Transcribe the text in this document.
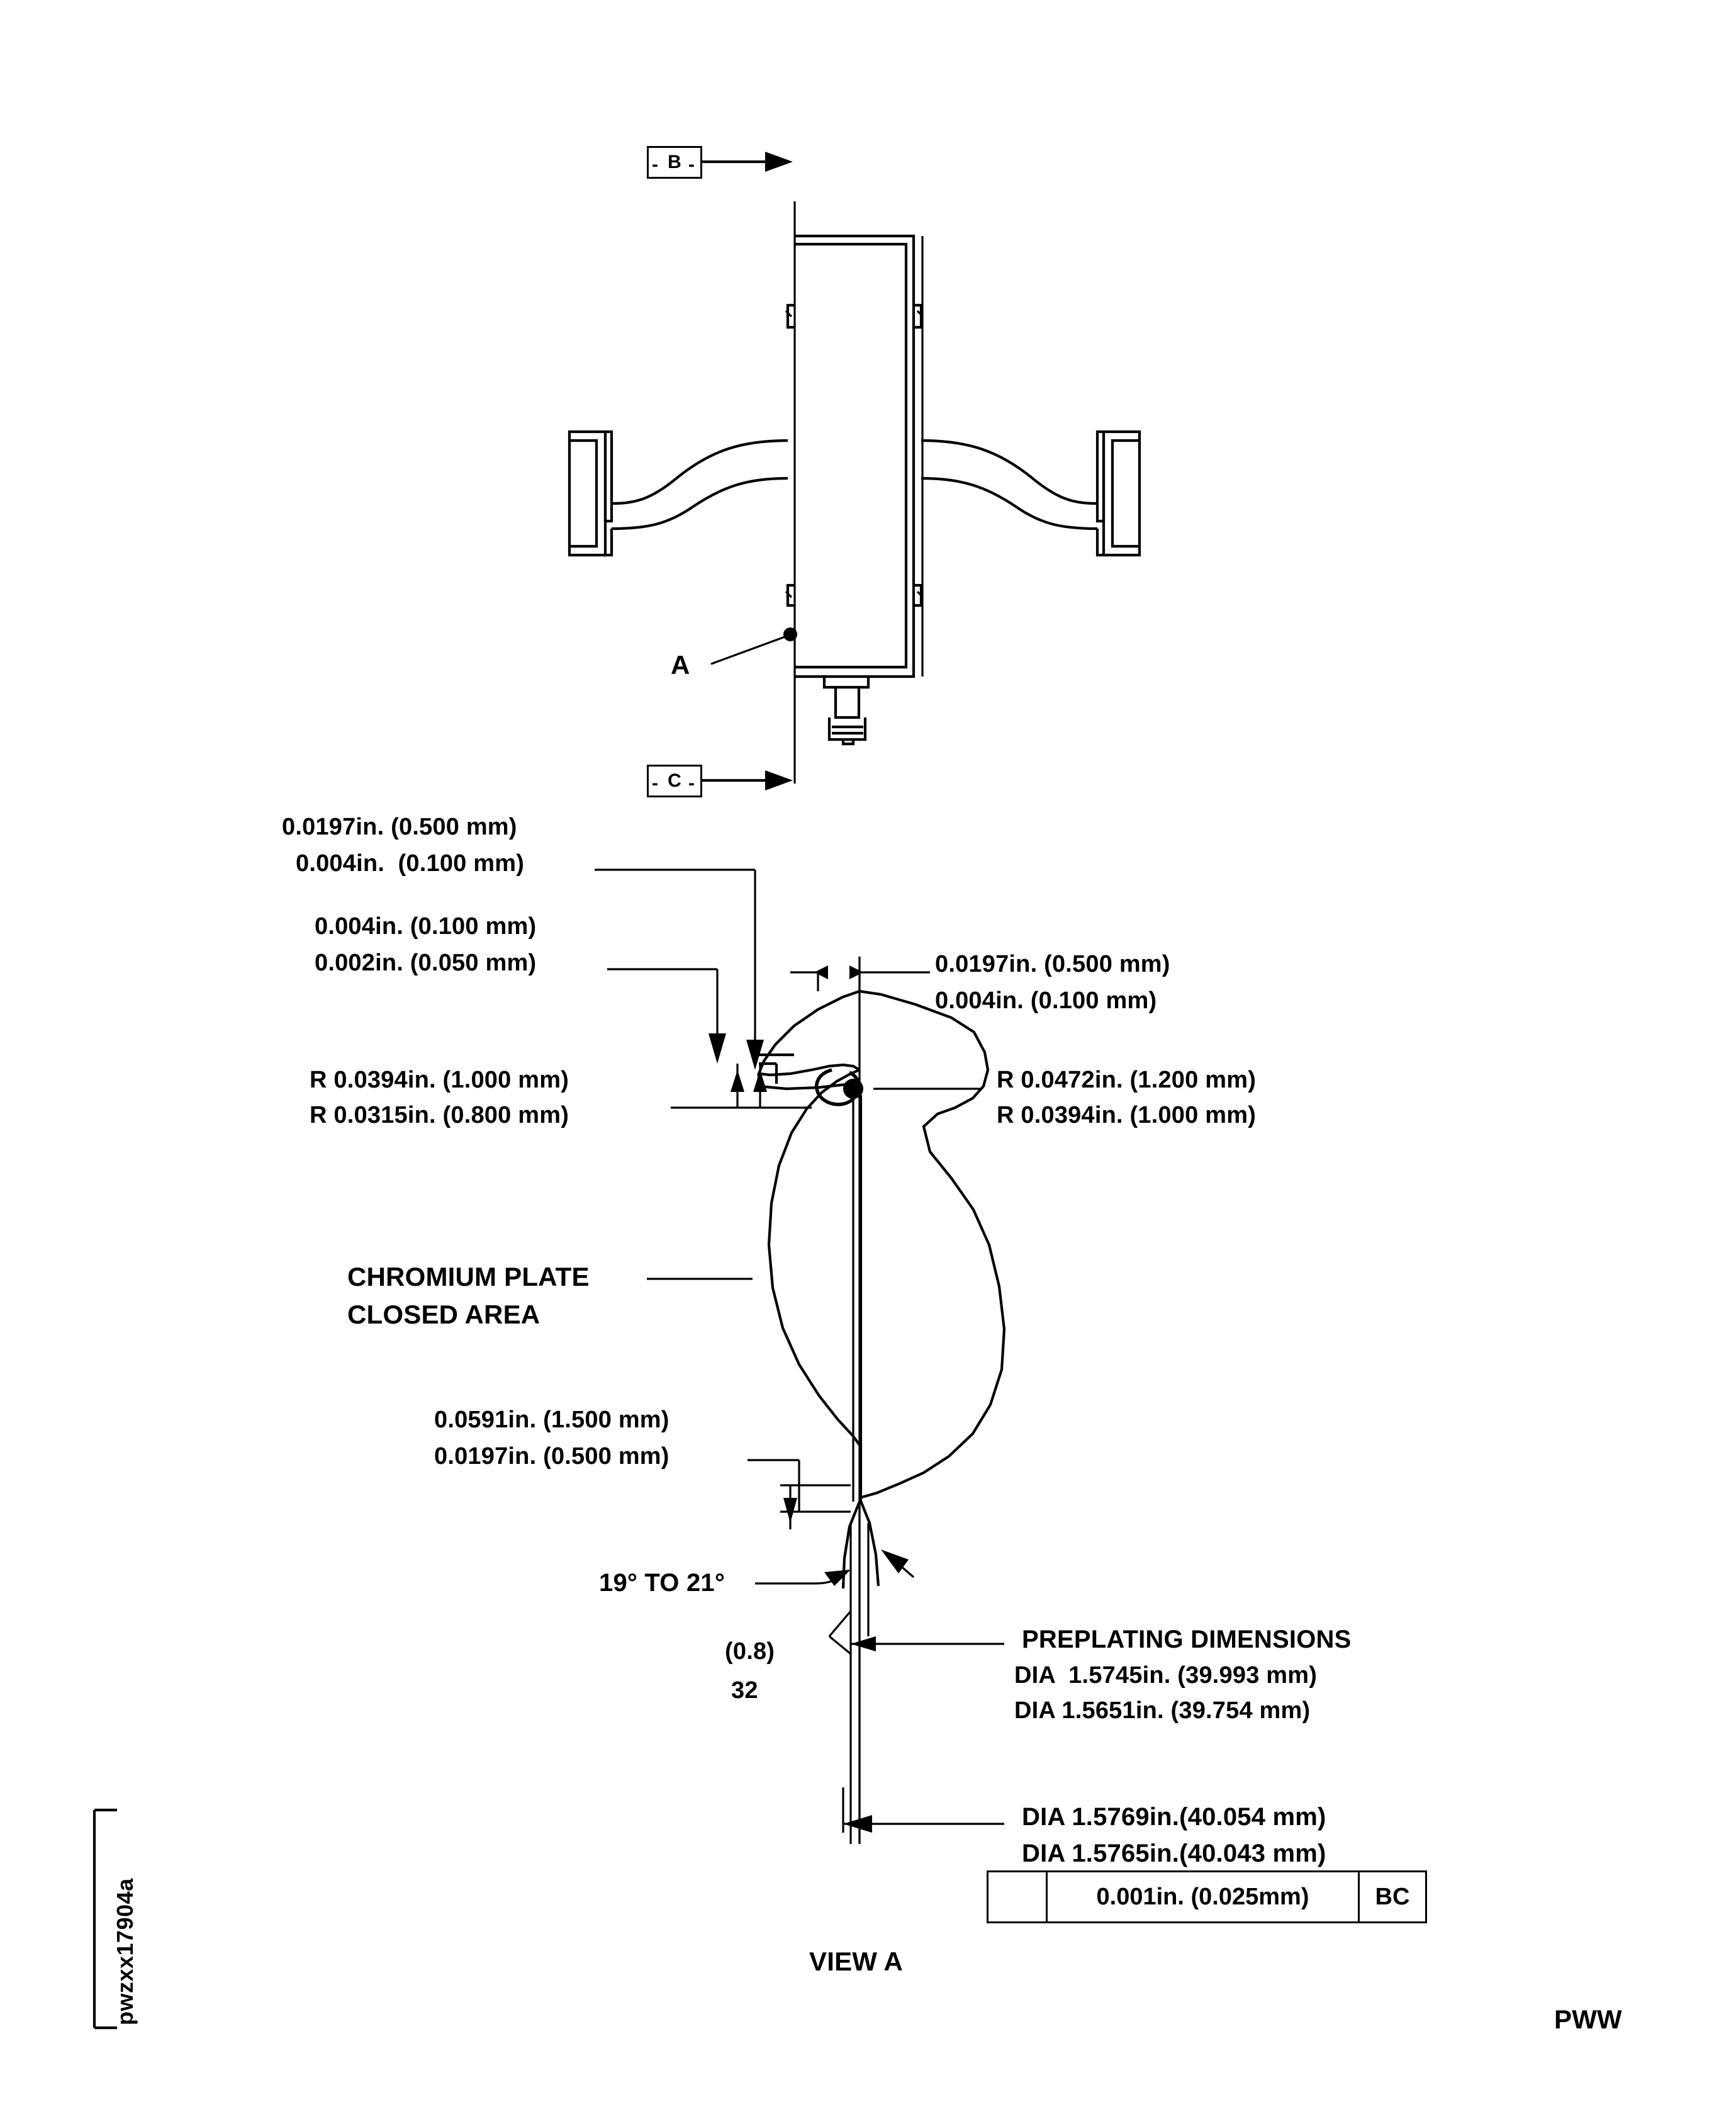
B
- -
C
- -
A
0.0197in. (0.500 mm)
0.004in.  (0.100 mm)
0.004in. (0.100 mm)
0.002in. (0.050 mm)	0.0197in. (0.500 mm)
0.004in. (0.100 mm)
R 0.0394in. (1.000 mm)
R 0.0315in. (0.800 mm)
R 0.0472in. (1.200 mm)
R 0.0394in. (1.000 mm)
CHROMIUM PLATE
CLOSED AREA
0.0591in. (1.500 mm)
0.0197in. (0.500 mm)
19° TO 21°
(0.8)
32
PREPLATING DIMENSIONS
DIA  1.5745in. (39.993 mm)
DIA 1.5651in. (39.754 mm)
DIA 1.5769in.(40.054 mm)
DIA 1.5765in.(40.043 mm)
0.001in. (0.025mm)	BC
VIEW A
pwzxx17904a	PWW
